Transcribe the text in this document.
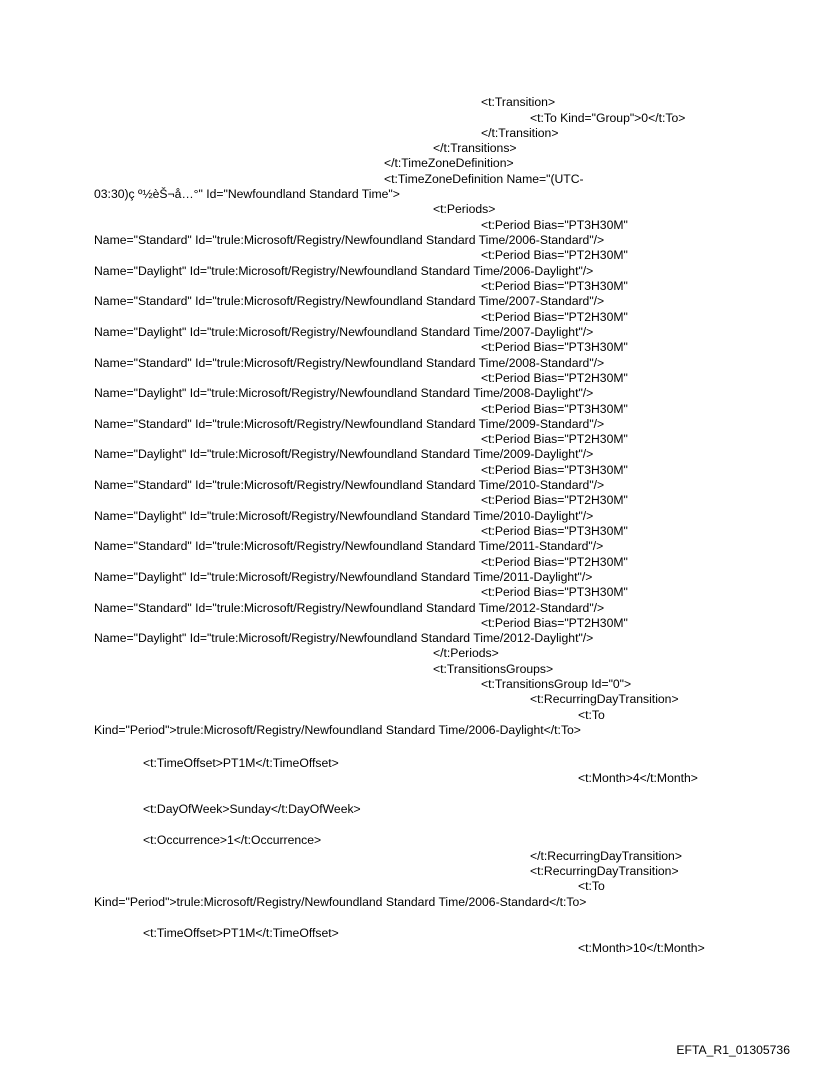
<t:Transition>
<t:To Kind="Group">0</t:To>
</t:Transition>
</t:Transitions>
</t:TimeZoneDefinition>
<t:TimeZoneDefinition Name="(UTC-
03:30)ç º½èŠ¬å…°" Id="Newfoundland Standard Time">
<t:Periods>
<t:Period Bias="PT3H30M"
Name="Standard" Id="trule:Microsoft/Registry/Newfoundland Standard Time/2006-Standard"/>
<t:Period Bias="PT2H30M"
Name="Daylight" Id="trule:Microsoft/Registry/Newfoundland Standard Time/2006-Daylight"/>
<t:Period Bias="PT3H30M"
Name="Standard" Id="trule:Microsoft/Registry/Newfoundland Standard Time/2007-Standard"/>
<t:Period Bias="PT2H30M"
Name="Daylight" Id="trule:Microsoft/Registry/Newfoundland Standard Time/2007-Daylight"/>
<t:Period Bias="PT3H30M"
Name="Standard" Id="trule:Microsoft/Registry/Newfoundland Standard Time/2008-Standard"/>
<t:Period Bias="PT2H30M"
Name="Daylight" Id="trule:Microsoft/Registry/Newfoundland Standard Time/2008-Daylight"/>
<t:Period Bias="PT3H30M"
Name="Standard" Id="trule:Microsoft/Registry/Newfoundland Standard Time/2009-Standard"/>
<t:Period Bias="PT2H30M"
Name="Daylight" Id="trule:Microsoft/Registry/Newfoundland Standard Time/2009-Daylight"/>
<t:Period Bias="PT3H30M"
Name="Standard" Id="trule:Microsoft/Registry/Newfoundland Standard Time/2010-Standard"/>
<t:Period Bias="PT2H30M"
Name="Daylight" Id="trule:Microsoft/Registry/Newfoundland Standard Time/2010-Daylight"/>
<t:Period Bias="PT3H30M"
Name="Standard" Id="trule:Microsoft/Registry/Newfoundland Standard Time/2011-Standard"/>
<t:Period Bias="PT2H30M"
Name="Daylight" Id="trule:Microsoft/Registry/Newfoundland Standard Time/2011-Daylight"/>
<t:Period Bias="PT3H30M"
Name="Standard" Id="trule:Microsoft/Registry/Newfoundland Standard Time/2012-Standard"/>
<t:Period Bias="PT2H30M"
Name="Daylight" Id="trule:Microsoft/Registry/Newfoundland Standard Time/2012-Daylight"/>
</t:Periods>
<t:TransitionsGroups>
<t:TransitionsGroup Id="0">
<t:RecurringDayTransition>
<t:To
Kind="Period">trule:Microsoft/Registry/Newfoundland Standard Time/2006-Daylight</t:To>
<t:TimeOffset>PT1M</t:TimeOffset>
<t:Month>4</t:Month>
<t:DayOfWeek>Sunday</t:DayOfWeek>
<t:Occurrence>1</t:Occurrence>
</t:RecurringDayTransition>
<t:RecurringDayTransition>
<t:To
Kind="Period">trule:Microsoft/Registry/Newfoundland Standard Time/2006-Standard</t:To>
<t:TimeOffset>PT1M</t:TimeOffset>
<t:Month>10</t:Month>
EFTA_R1_01305736
